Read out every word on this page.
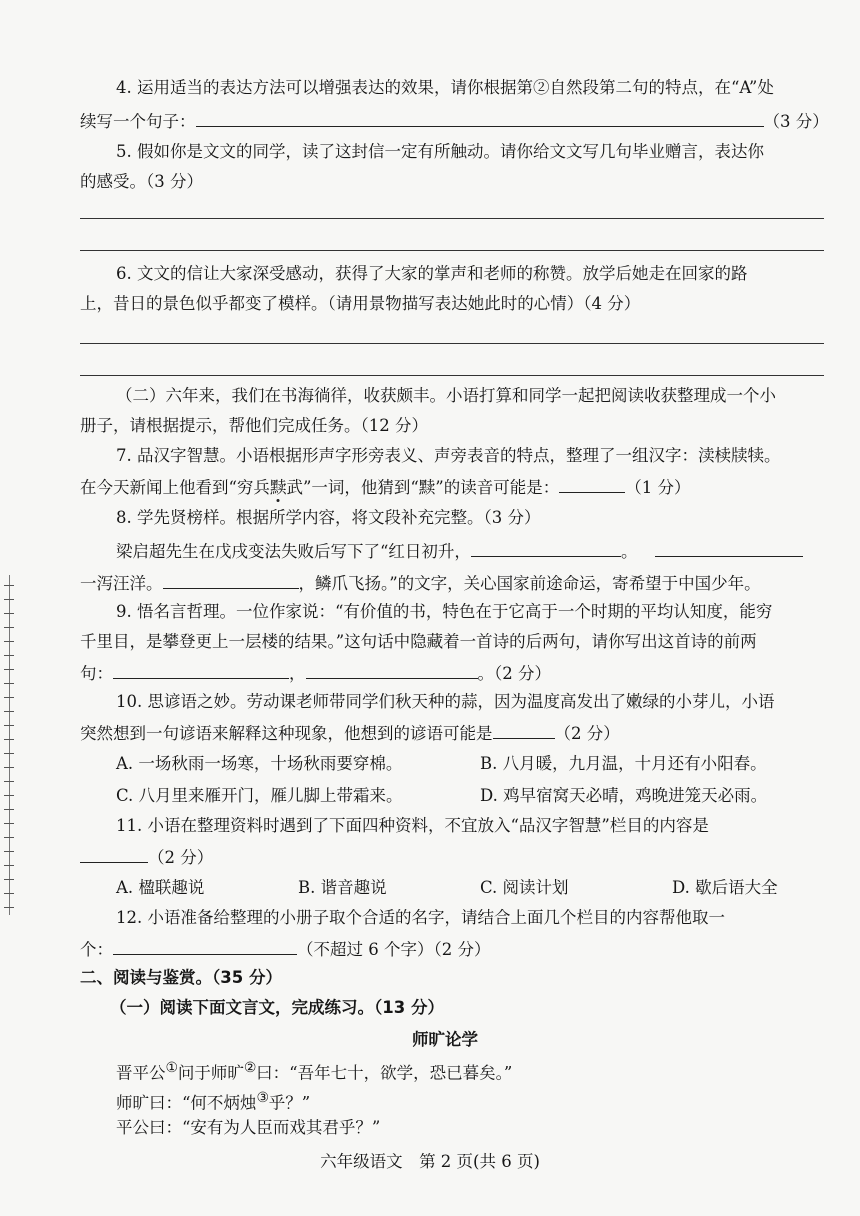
4. 运用适当的表达方法可以增强表达的效果，请你根据第②自然段第二句的特点，在“A”处
续写一个句子：	（3 分）
5. 假如你是文文的同学，读了这封信一定有所触动。请你给文文写几句毕业赠言，表达你
的感受。（3 分）
6. 文文的信让大家深受感动，获得了大家的掌声和老师的称赞。放学后她走在回家的路
上，昔日的景色似乎都变了模样。（请用景物描写表达她此时的心情）（4 分）
（二）六年来，我们在书海徜徉，收获颇丰。小语打算和同学一起把阅读收获整理成一个小
册子，请根据提示，帮他们完成任务。（12 分）
7. 品汉字智慧。小语根据形声字形旁表义、声旁表音的特点，整理了一组汉字：渎椟牍犊。
在今天新闻上他看到“穷兵黩武”一词，他猜到“黩”的读音可能是：	（1 分）
8. 学先贤榜样。根据所学内容，将文段补充完整。（3 分）
梁启超先生在戊戌变法失败后写下了“红日初升，	。
一泻汪洋。	，鳞爪飞扬。”的文字，关心国家前途命运，寄希望于中国少年。
9. 悟名言哲理。一位作家说：“有价值的书，特色在于它高于一个时期的平均认知度，能穷
千里目，是攀登更上一层楼的结果。”这句话中隐藏着一首诗的后两句，请你写出这首诗的前两
句：	，	。（2 分）
10. 思谚语之妙。劳动课老师带同学们秋天种的蒜，因为温度高发出了嫩绿的小芽儿，小语
突然想到一句谚语来解释这种现象，他想到的谚语可能是	（2 分）
A. 一场秋雨一场寒，十场秋雨要穿棉。	B. 八月暖，九月温，十月还有小阳春。
C. 八月里来雁开门，雁儿脚上带霜来。	D. 鸡早宿窝天必晴，鸡晚进笼天必雨。
11. 小语在整理资料时遇到了下面四种资料，不宜放入“品汉字智慧”栏目的内容是
（2 分）
A. 楹联趣说	B. 谐音趣说	C. 阅读计划	D. 歇后语大全
12. 小语准备给整理的小册子取个合适的名字，请结合上面几个栏目的内容帮他取一
个：	（不超过 6 个字）（2 分）
二、阅读与鉴赏。（35 分）
（一）阅读下面文言文，完成练习。（13 分）
师旷论学
晋平公①问于师旷②曰：“吾年七十，欲学，恐已暮矣。”
师旷曰：“何不炳烛③乎？”
平公曰：“安有为人臣而戏其君乎？”
六年级语文　第 2 页(共 6 页)
